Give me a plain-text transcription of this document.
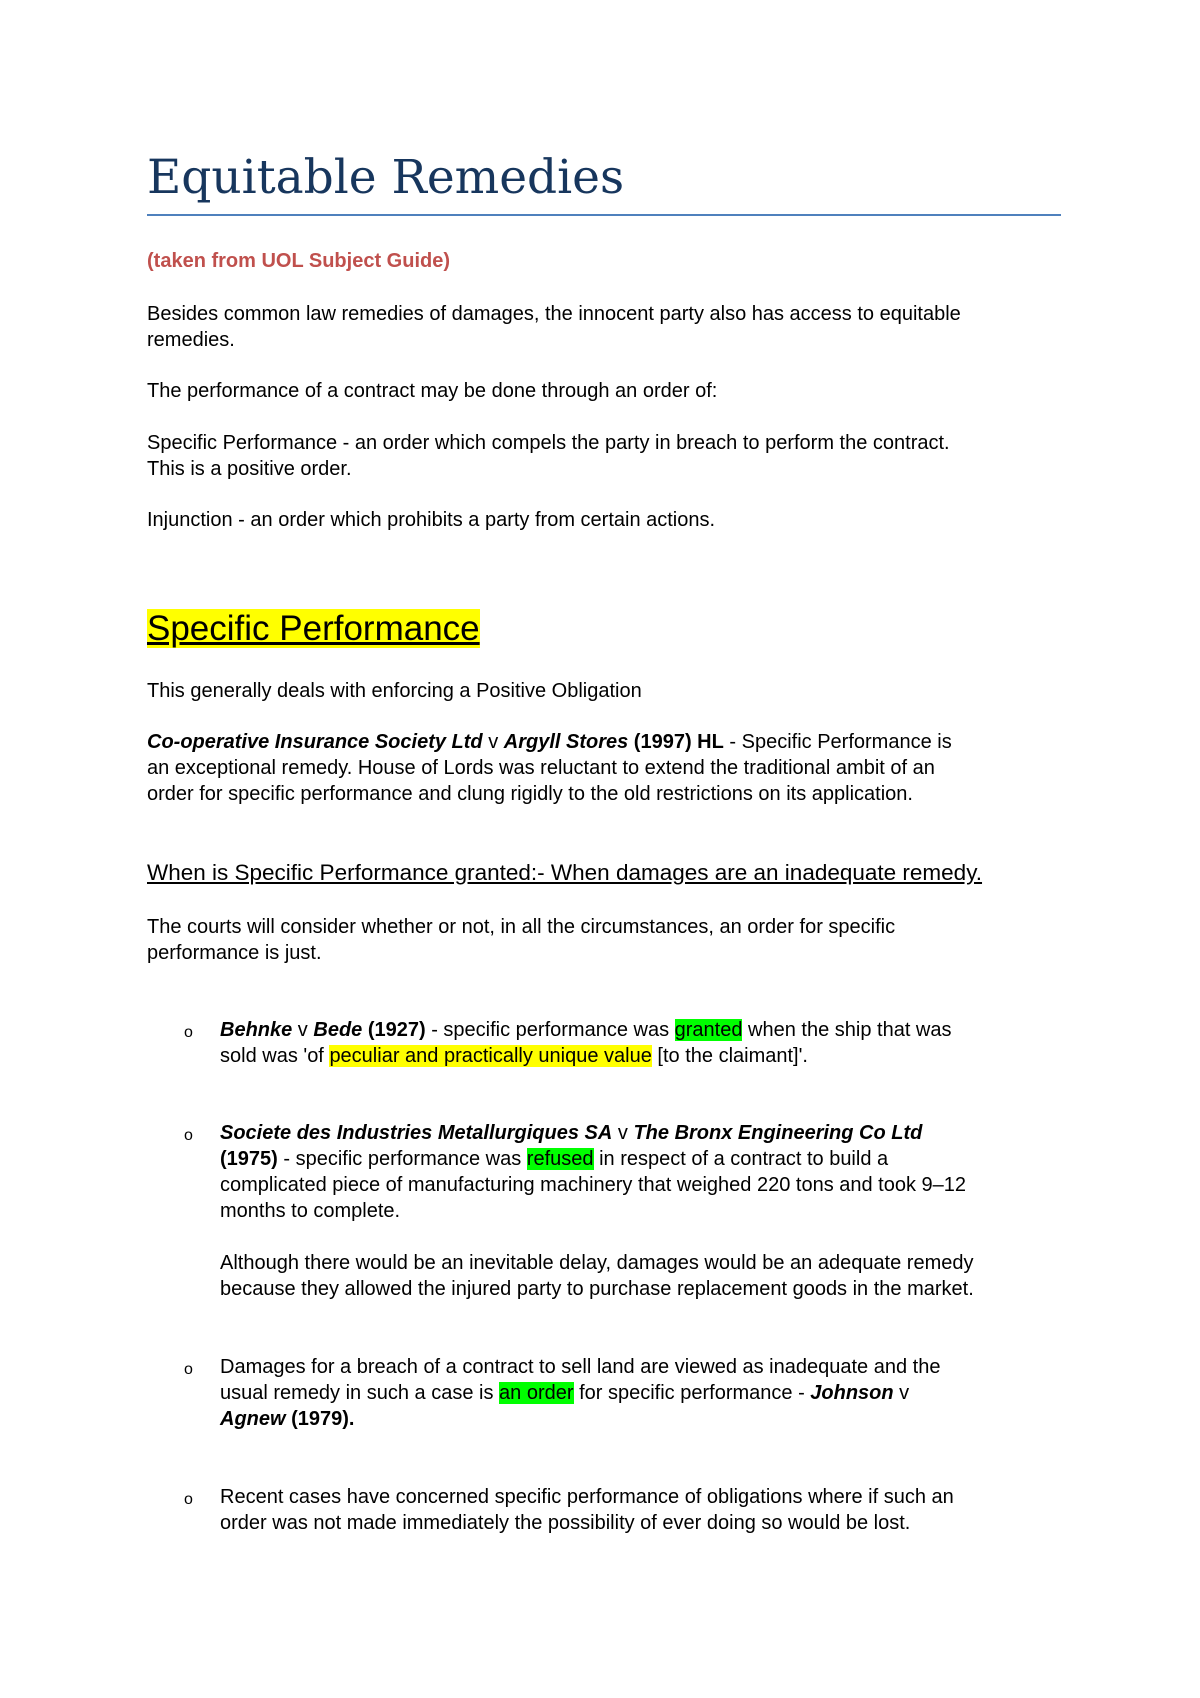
Equitable Remedies
(taken from UOL Subject Guide)
Besides common law remedies of damages, the innocent party also has access to equitable
remedies.
The performance of a contract may be done through an order of:
Specific Performance - an order which compels the party in breach to perform the contract.
This is a positive order.
Injunction - an order which prohibits a party from certain actions.
Specific Performance
This generally deals with enforcing a Positive Obligation
Co-operative Insurance Society Ltd v Argyll Stores (1997) HL - Specific Performance is
an exceptional remedy. House of Lords was reluctant to extend the traditional ambit of an
order for specific performance and clung rigidly to the old restrictions on its application.
When is Specific Performance granted:- When damages are an inadequate remedy.
The courts will consider whether or not, in all the circumstances, an order for specific
performance is just.
o Behnke v Bede (1927) - specific performance was granted when the ship that was
sold was 'of peculiar and practically unique value [to the claimant]'.
o Societe des Industries Metallurgiques SA v The Bronx Engineering Co Ltd
(1975) - specific performance was refused in respect of a contract to build a
complicated piece of manufacturing machinery that weighed 220 tons and took 9–12
months to complete.
Although there would be an inevitable delay, damages would be an adequate remedy
because they allowed the injured party to purchase replacement goods in the market.
o Damages for a breach of a contract to sell land are viewed as inadequate and the
usual remedy in such a case is an order for specific performance - Johnson v
Agnew (1979).
o Recent cases have concerned specific performance of obligations where if such an
order was not made immediately the possibility of ever doing so would be lost.
